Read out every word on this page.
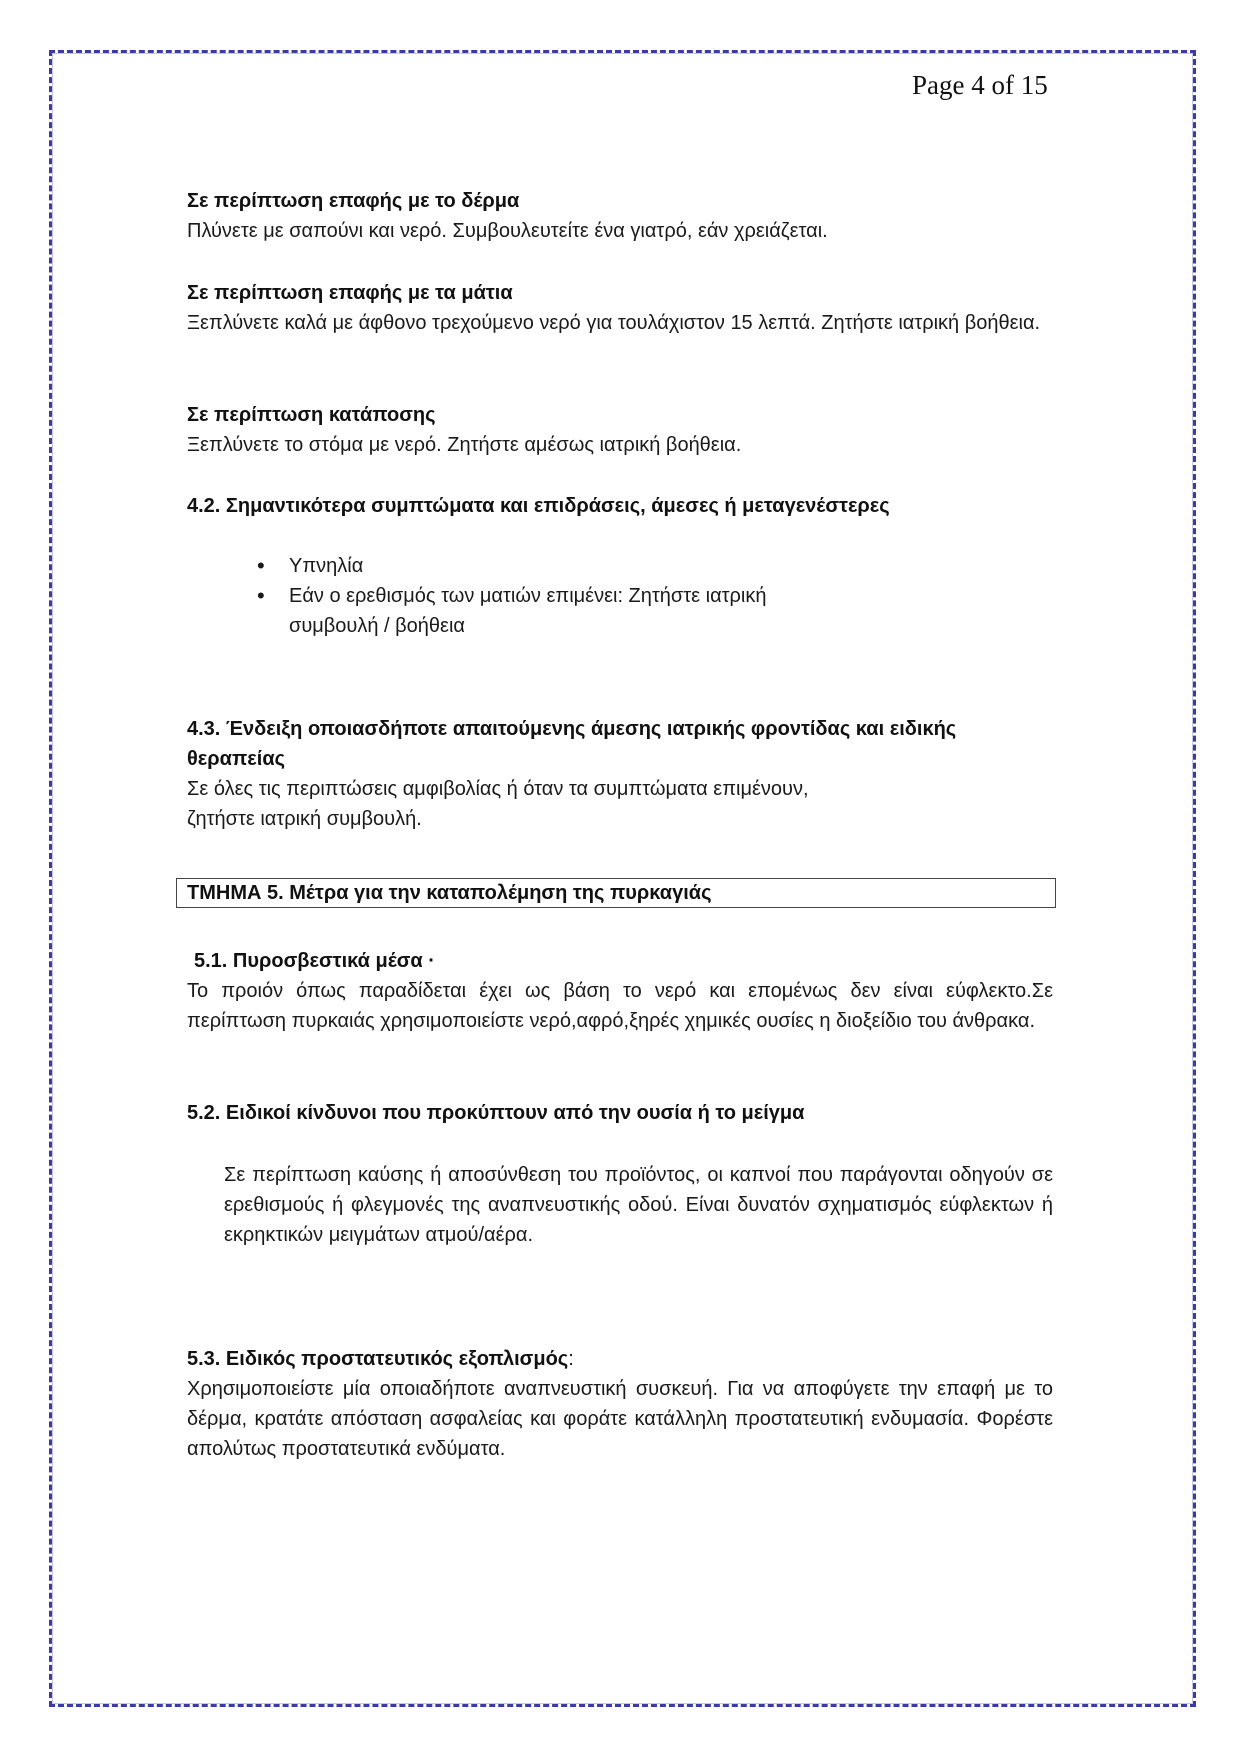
Page 4 of 15
Σε περίπτωση επαφής με το δέρμα
Πλύνετε με σαπούνι και νερό. Συμβουλευτείτε ένα γιατρό, εάν χρειάζεται.
Σε περίπτωση επαφής με τα μάτια
Ξεπλύνετε καλά με άφθονο τρεχούμενο νερό για τουλάχιστον 15 λεπτά. Ζητήστε ιατρική βοήθεια.
Σε περίπτωση κατάποσης
Ξεπλύνετε το στόμα με νερό. Ζητήστε αμέσως ιατρική βοήθεια.
4.2. Σημαντικότερα συμπτώματα και επιδράσεις, άμεσες ή μεταγενέστερες
• Υπνηλία
• Εάν ο ερεθισμός των ματιών επιμένει: Ζητήστε ιατρική συμβουλή / βοήθεια
4.3. Ένδειξη οποιασδήποτε απαιτούμενης άμεσης ιατρικής φροντίδας και ειδικής θεραπείας
Σε όλες τις περιπτώσεις αμφιβολίας ή όταν τα συμπτώματα επιμένουν,
ζητήστε ιατρική συμβουλή.
ΤΜΗΜΑ 5. Μέτρα για την καταπολέμηση της πυρκαγιάς
5.1. Πυροσβεστικά μέσα ·
Το προιόν όπως παραδίδεται έχει ως βάση το νερό και επομένως δεν είναι εύφλεκτο.Σε περίπτωση πυρκαιάς χρησιμοποιείστε νερό,αφρό,ξηρές χημικές ουσίες η διοξείδιο του άνθρακα.
5.2. Ειδικοί κίνδυνοι που προκύπτουν από την ουσία ή το μείγμα
Σε περίπτωση καύσης ή αποσύνθεση του προϊόντος, οι καπνοί που παράγονται οδηγούν σε ερεθισμούς ή φλεγμονές της αναπνευστικής οδού. Είναι δυνατόν σχηματισμός εύφλεκτων ή εκρηκτικών μειγμάτων ατμού/αέρα.
5.3. Ειδικός προστατευτικός εξοπλισμός:
Χρησιμοποιείστε μία οποιαδήποτε αναπνευστική συσκευή. Για να αποφύγετε την επαφή με το δέρμα, κρατάτε απόσταση ασφαλείας και φοράτε κατάλληλη προστατευτική ενδυμασία. Φορέστε απολύτως προστατευτικά ενδύματα.
